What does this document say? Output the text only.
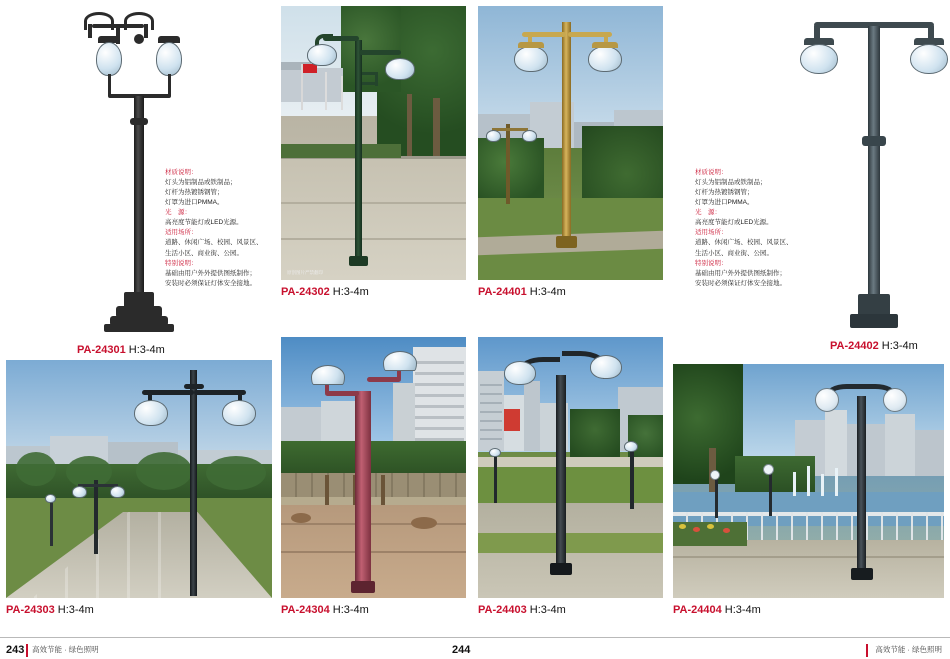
PA-24301 H:3-4m

材质说明：

灯头为铝制品或铁制品；

灯杆为热镀锈钢管；

灯罩为进口PMMA。

光　源：

高亮度节能灯或LED光源。

适用场所：

道路、休闲广场、校园、风景区、

生活小区、商业街、公园。

特别说明：

基础由用户外外提供图纸制作；

安装时必须保证灯体安全接地。

原创图片严禁翻印
PA-24302 H:3-4m	PA-24401 H:3-4m

材质说明：

灯头为铝制品或铁制品；

灯杆为热镀锈钢管；

灯罩为进口PMMA。

光　源：

高亮度节能灯或LED光源。

适用场所：

道路、休闲广场、校园、风景区、

生活小区、商业街、公园。

特别说明：

基础由用户外外提供图纸制作；

安装时必须保证灯体安全接地。

PA-24402 H:3-4m
PA-24303 H:3-4m	PA-24304 H:3-4m	PA-24403 H:3-4m	PA-24404 H:3-4m
243 高效节能 · 绿色照明	244	高效节能 · 绿色照明
